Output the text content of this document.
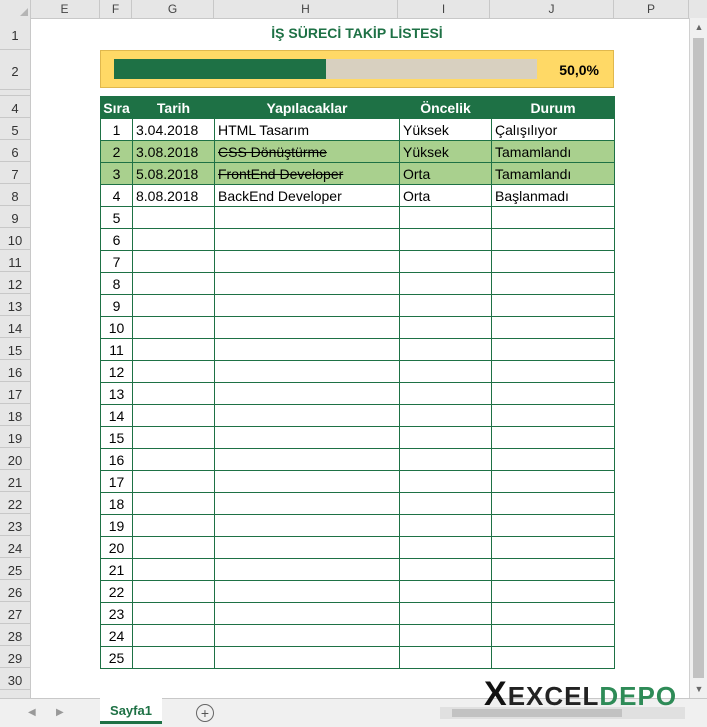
E	F	G	H	I	J	P
1
2
4
5
6
7
8
9
10
11
12
13
14
15
16
17
18
19
20
21
22
23
24
25
26
27
28
29
30
İŞ SÜRECİ TAKİP LİSTESİ
50,0%
Sıra	Tarih	Yapılacaklar	Öncelik	Durum
1	3.04.2018	HTML Tasarım	Yüksek	Çalışılıyor
2	3.08.2018	CSS Dönüştürme	Yüksek	Tamamlandı
3	5.08.2018	FrontEnd Developer	Orta	Tamamlandı
4	8.08.2018	BackEnd Developer	Orta	Başlanmadı
5				
6				
7				
8				
9				
10				
11				
12				
13				
14				
15				
16				
17				
18				
19				
20				
21				
22				
23				
24				
25				
▲
▼
◀ ▶	Sayfa1	+	XEXCELDEPO
